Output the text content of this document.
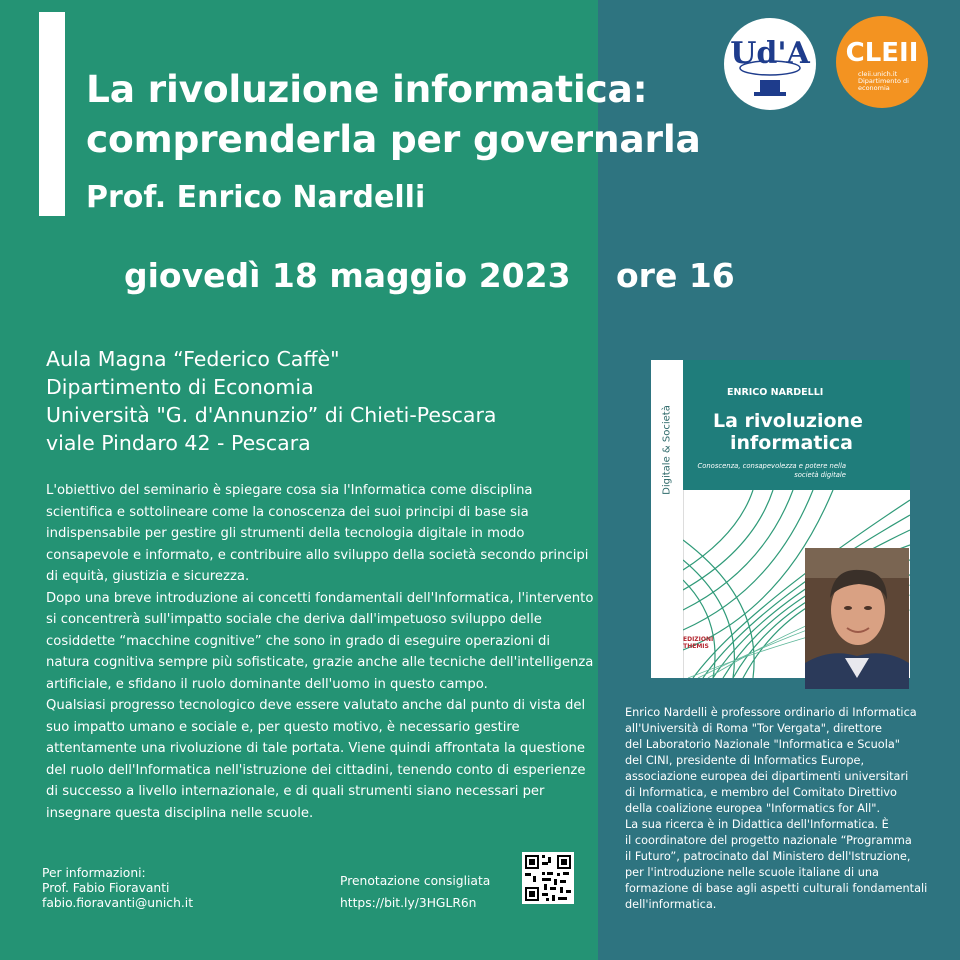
La rivoluzione informatica:
comprenderla per governarla
Prof. Enrico Nardelli
giovedì 18 maggio 2023 ore 16
Aula Magna “Federico Caffè"
Dipartimento di Economia
Università "G. d'Annunzio” di Chieti-Pescara
viale Pindaro 42 - Pescara

L'obiettivo del seminario è spiegare cosa sia l'Informatica come disciplina scientifica e sottolineare come la conoscenza dei suoi principi di base sia indispensabile per gestire gli strumenti della tecnologia digitale in modo consapevole e informato, e contribuire allo sviluppo della società secondo principi di equità, giustizia e sicurezza.

Dopo una breve introduzione ai concetti fondamentali dell'Informatica, l'intervento si concentrerà sull'impatto sociale che deriva dall'impetuoso sviluppo delle cosiddette “macchine cognitive” che sono in grado di eseguire operazioni di natura cognitiva sempre più sofisticate, grazie anche alle tecniche dell'intelligenza artificiale, e sfidano il ruolo dominante dell'uomo in questo campo.

Qualsiasi progresso tecnologico deve essere valutato anche dal punto di vista del suo impatto umano e sociale e, per questo motivo, è necessario gestire attentamente una rivoluzione di tale portata. Viene quindi affrontata la questione del ruolo dell'Informatica nell'istruzione dei cittadini, tenendo conto di esperienze di successo a livello internazionale, e di quali strumenti siano necessari per insegnare questa disciplina nelle scuole.

Per informazioni:
Prof. Fabio Fioravanti
fabio.fioravanti@unich.it
Prenotazione consigliata
https://bit.ly/3HGLR6n
Ud'A	CLEII
cleii.unich.it
Dipartimento di
economia
Digitale & Società
ENRICO NARDELLI
La rivoluzione
informatica
Conoscenza, consapevolezza e potere nella società digitale
EDIZIONI
THEMIS
Enrico Nardelli è professore ordinario di Informatica
all'Università di Roma "Tor Vergata", direttore
del Laboratorio Nazionale "Informatica e Scuola"
del CINI, presidente di Informatics Europe,
associazione europea dei dipartimenti universitari
di Informatica, e membro del Comitato Direttivo
della coalizione europea "Informatics for All".
La sua ricerca è in Didattica dell'Informatica. È
il coordinatore del progetto nazionale “Programma
il Futuro”, patrocinato dal Ministero dell'Istruzione,
per l'introduzione nelle scuole italiane di una
formazione di base agli aspetti culturali fondamentali
dell'informatica.
